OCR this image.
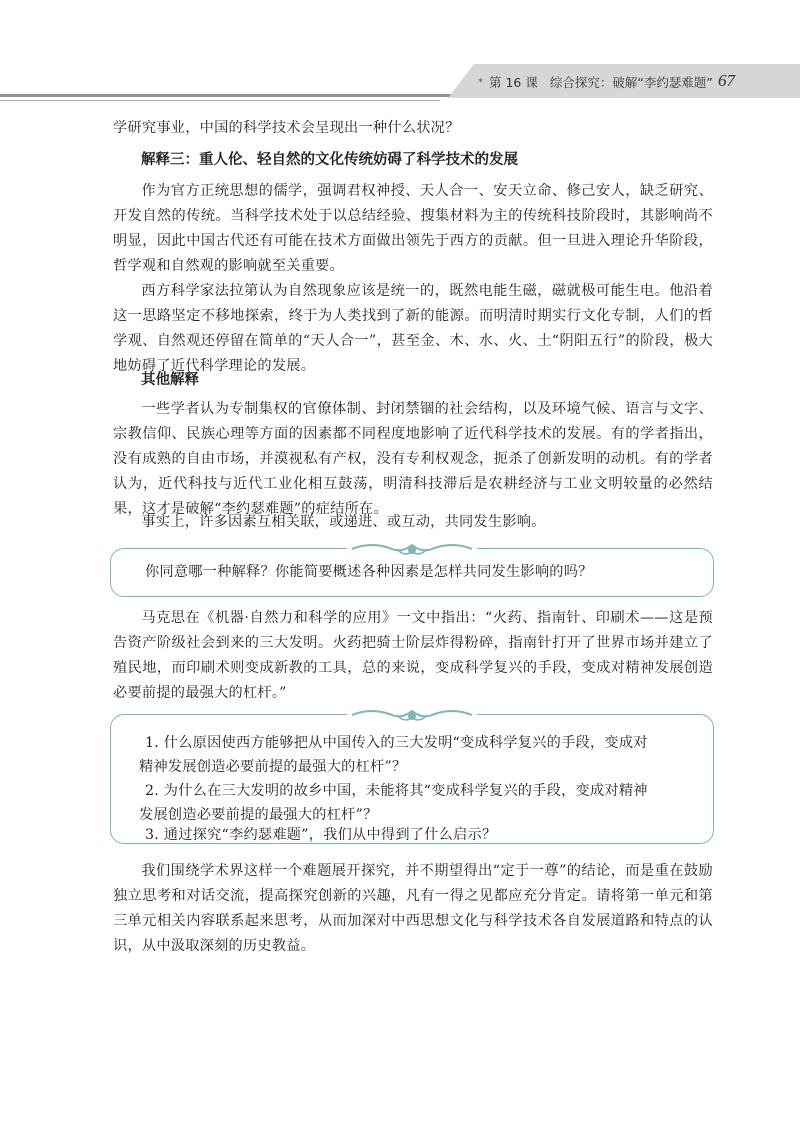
* 第 16 课 综合探究：破解“李约瑟难题” 67

学研究事业，中国的科学技术会呈现出一种什么状况？

解释三：重人伦、轻自然的文化传统妨碍了科学技术的发展

作为官方正统思想的儒学，强调君权神授、天人合一、安天立命、修己安人，缺乏研究、开发自然的传统。当科学技术处于以总结经验、搜集材料为主的传统科技阶段时，其影响尚不明显，因此中国古代还有可能在技术方面做出领先于西方的贡献。但一旦进入理论升华阶段，哲学观和自然观的影响就至关重要。

西方科学家法拉第认为自然现象应该是统一的，既然电能生磁，磁就极可能生电。他沿着这一思路坚定不移地探索，终于为人类找到了新的能源。而明清时期实行文化专制，人们的哲学观、自然观还停留在简单的“天人合一”，甚至金、木、水、火、土“阴阳五行”的阶段，极大地妨碍了近代科学理论的发展。

其他解释

一些学者认为专制集权的官僚体制、封闭禁锢的社会结构，以及环境气候、语言与文字、宗教信仰、民族心理等方面的因素都不同程度地影响了近代科学技术的发展。有的学者指出，没有成熟的自由市场，并漠视私有产权，没有专利权观念，扼杀了创新发明的动机。有的学者认为，近代科技与近代工业化相互鼓荡，明清科技滞后是农耕经济与工业文明较量的必然结果，这才是破解“李约瑟难题”的症结所在。

事实上，许多因素互相关联，或递进、或互动，共同发生影响。

你同意哪一种解释？你能简要概述各种因素是怎样共同发生影响的吗？

马克思在《机器·自然力和科学的应用》一文中指出：“火药、指南针、印刷术——这是预告资产阶级社会到来的三大发明。火药把骑士阶层炸得粉碎，指南针打开了世界市场并建立了殖民地，而印刷术则变成新教的工具，总的来说，变成科学复兴的手段，变成对精神发展创造必要前提的最强大的杠杆。”

1. 什么原因使西方能够把从中国传入的三大发明“变成科学复兴的手段，变成对

精神发展创造必要前提的最强大的杠杆”？

2. 为什么在三大发明的故乡中国，未能将其“变成科学复兴的手段，变成对精神

发展创造必要前提的最强大的杠杆”？

3. 通过探究“李约瑟难题”，我们从中得到了什么启示？

我们围绕学术界这样一个难题展开探究，并不期望得出“定于一尊”的结论，而是重在鼓励独立思考和对话交流，提高探究创新的兴趣，凡有一得之见都应充分肯定。请将第一单元和第三单元相关内容联系起来思考，从而加深对中西思想文化与科学技术各自发展道路和特点的认识，从中汲取深刻的历史教益。
